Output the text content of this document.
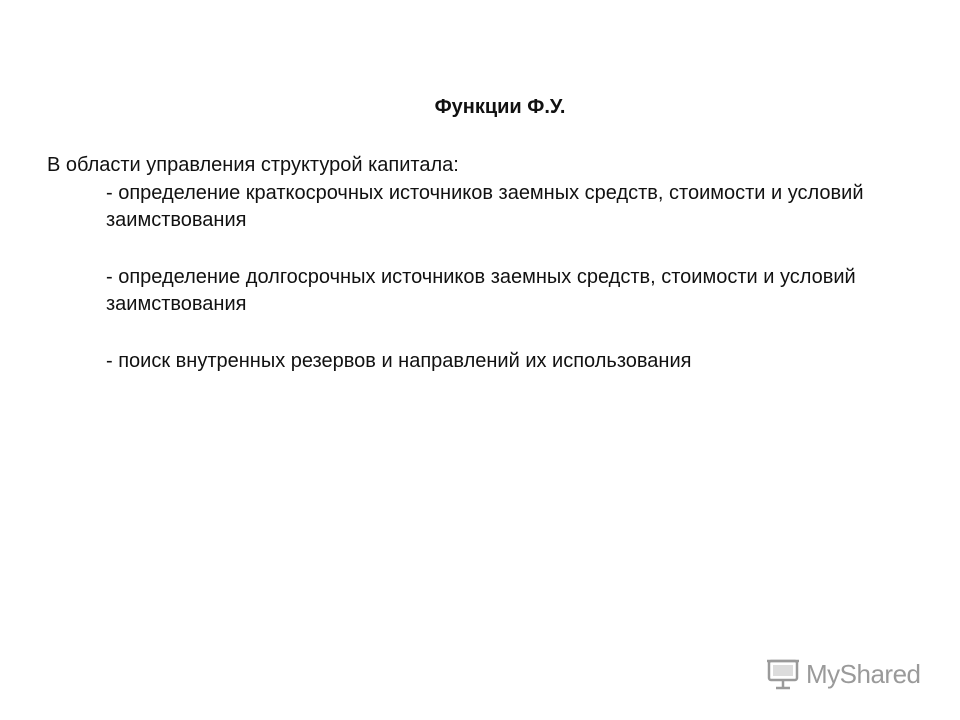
Функции Ф.У.
В области управления структурой капитала:
- определение краткосрочных источников заемных средств, стоимости и условий заимствования
- определение долгосрочных источников заемных средств, стоимости и условий заимствования
- поиск внутренных резервов и направлений их использования
MyShared
